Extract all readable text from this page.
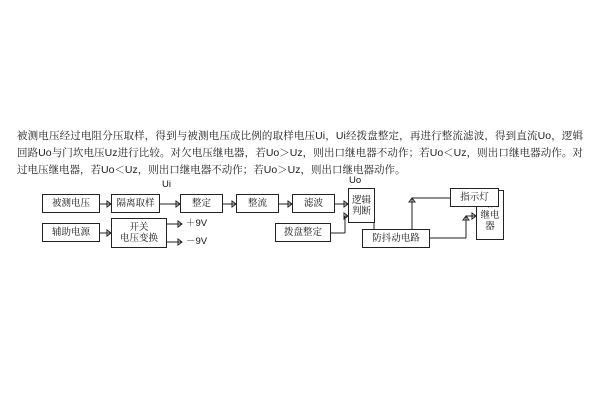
被测电压经过电阻分压取样，得到与被测电压成比例的取样电压Ui，Ui经拨盘整定，再进行整流滤波，得到直流Uo，逻辑回路Uo与门坎电压Uz进行比较。对欠电压继电器，若Uo＞Uz，则出口继电器不动作；若Uo＜Uz，则出口继电器动作。对过电压继电器，若Uo＜Uz，则出口继电器不动作；若Uo＞Uz，则出口继电器动作。

被测电压
辅助电源
隔离取样	整定	整流	滤波	逻辑
判断	继电
器
开关
电压变换
拨盘整定
防抖动电路
指示灯
＋9V
－9V
Ui	Uo
